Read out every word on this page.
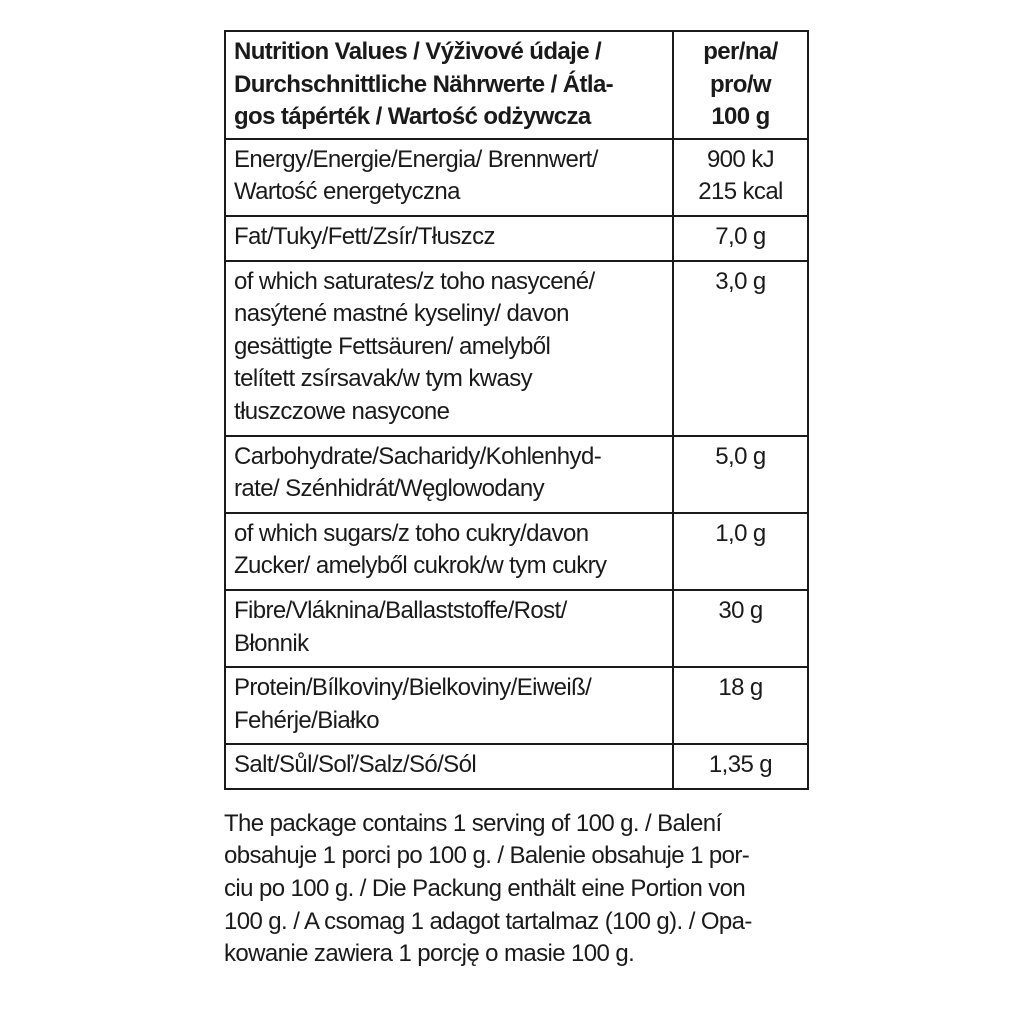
Nutrition Values / Výživové údaje /
Durchschnittliche Nährwerte / Átla-
gos tápérték / Wartość odżywcza	per/na/
pro/w
100 g
Energy/Energie/Energia/ Brennwert/
Wartość energetyczna	900 kJ
215 kcal
Fat/Tuky/Fett/Zsír/Tłuszcz	7,0 g
of which saturates/z toho nasycené/
nasýtené mastné kyseliny/ davon
gesättigte Fettsäuren/ amelyből
telített zsírsavak/w tym kwasy
tłuszczowe nasycone	3,0 g
Carbohydrate/Sacharidy/Kohlenhyd-
rate/ Szénhidrát/Węglowodany	5,0 g
of which sugars/z toho cukry/davon
Zucker/ amelyből cukrok/w tym cukry	1,0 g
Fibre/Vláknina/Ballaststoffe/Rost/
Błonnik	30 g
Protein/Bílkoviny/Bielkoviny/Eiweiß/
Fehérje/Białko	18 g
Salt/Sůl/Soľ/Salz/Só/Sól	1,35 g
The package contains 1 serving of 100 g. / Balení
obsahuje 1 porci po 100 g. / Balenie obsahuje 1 por-
ciu po 100 g. / Die Packung enthält eine Portion von
100 g. / A csomag 1 adagot tartalmaz (100 g). / Opa-
kowanie zawiera 1 porcję o masie 100 g.
